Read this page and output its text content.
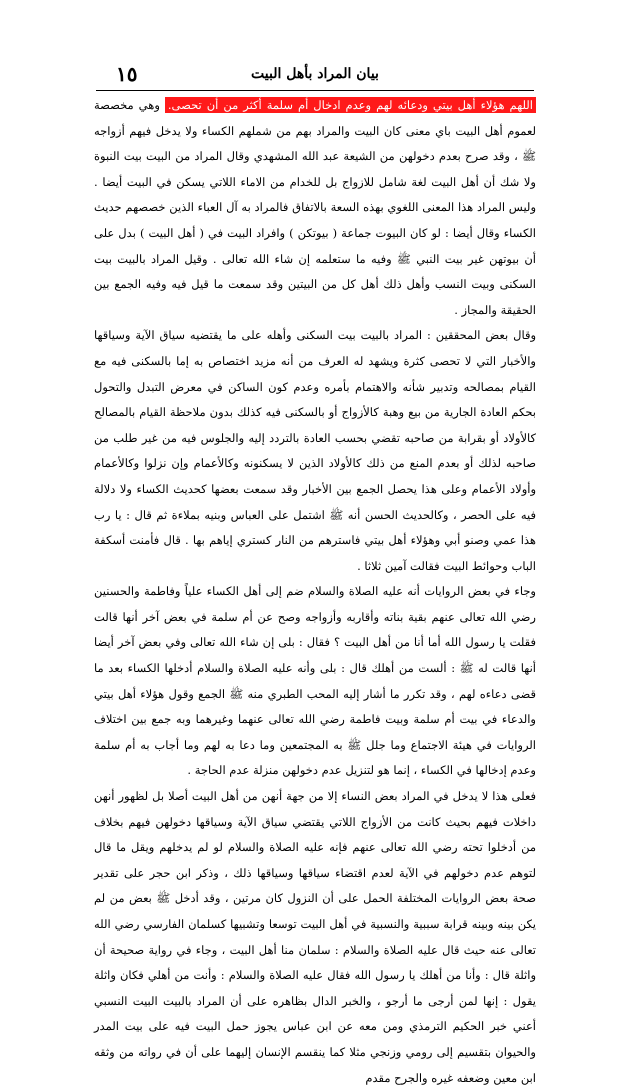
١٥	بيان المراد بأهل البيت

اللهم هؤلاء أهل بيتي ودعائه لهم وعدم ادخال أم سلمة أكثر من أن تحصى. وهي مخصصة لعموم أهل البيت باي معنى كان البيت والمراد بهم من شملهم الكساء ولا يدخل فيهم أزواجه ﷺ ، وقد صرح بعدم دخولهن من الشيعة عبد الله المشهدي وقال المراد من البيت بيت النبوة ولا شك أن أهل البيت لغة شامل للازواج بل للخدام من الاماء اللاتي يسكن في البيت أيضا . وليس المراد هذا المعنى اللغوي بهذه السعة بالاتفاق فالمراد به آل العباء الذين خصصهم حديث الكساء وقال أيضا : لو كان البيوت جماعة ( بيوتكن ) وافراد البيت في ( أهل البيت ) بدل على أن بيوتهن غير بيت النبي ﷺ وفيه ما ستعلمه إن شاء الله تعالى . وقيل المراد بالبيت بيت السكنى وبيت النسب وأهل ذلك أهل كل من البيتين وقد سمعت ما قيل فيه وفيه الجمع بين الحقيقة والمجاز .

وقال بعض المحققين : المراد بالبيت بيت السكنى وأهله على ما يقتضيه سياق الآية وسياقها والأخبار التي لا تحصى كثرة ويشهد له العرف من أنه مزيد اختصاص به إما بالسكنى فيه مع القيام بمصالحه وتدبير شأنه والاهتمام بأمره وعدم كون الساكن في معرض التبدل والتحول بحكم العادة الجارية من بيع وهبة كالأزواج أو بالسكنى فيه كذلك بدون ملاحظة القيام بالمصالح كالأولاد أو بقرابة من صاحبه تقضي بحسب العادة بالتردد إليه والجلوس فيه من غير طلب من صاحبه لذلك أو بعدم المنع من ذلك كالأولاد الذين لا يسكنونه وكالأعمام وإن نزلوا وكالأعمام وأولاد الأعمام وعلى هذا يحصل الجمع بين الأخبار وقد سمعت بعضها كحديث الكساء ولا دلالة فيه على الحصر ، وكالحديث الحسن أنه ﷺ اشتمل على العباس وبنيه بملاءة ثم قال : يا رب هذا عمي وصنو أبي وهؤلاء أهل بيتي فاسترهم من النار كستري إياهم بها . قال فأمنت أسكفة الباب وحوائط البيت فقالت آمين ثلاثا .

وجاء في بعض الروايات أنه عليه الصلاة والسلام ضم إلى أهل الكساء علياً وفاطمة والحسنين رضي الله تعالى عنهم بقية بناته وأقاربه وأزواجه وصح عن أم سلمة في بعض آخر أنها قالت فقلت يا رسول الله أما أنا من أهل البيت ؟ فقال : بلى إن شاء الله تعالى وفي بعض آخر أيضا أنها قالت له ﷺ : ألست من أهلك قال : بلى وأنه عليه الصلاة والسلام أدخلها الكساء بعد ما قضى دعاءه لهم ، وقد تكرر ما أشار إليه المحب الطبري منه ﷺ الجمع وقول هؤلاء أهل بيتي والدعاء في بيت أم سلمة وبيت فاطمة رضي الله تعالى عنهما وغيرهما وبه جمع بين اختلاف الروايات في هيئة الاجتماع وما جلل ﷺ به المجتمعين وما دعا به لهم وما أجاب به أم سلمة وعدم إدخالها في الكساء ، إنما هو لتنزيل عدم دخولهن منزلة عدم الحاجة .

فعلى هذا لا يدخل في المراد بعض النساء إلا من جهة أنهن من أهل البيت أصلا بل لظهور أنهن داخلات فيهم بحيث كانت من الأزواج اللاتي يقتضي سياق الآية وسياقها دخولهن فيهم بخلاف من أدخلوا تحته رضي الله تعالى عنهم فإنه عليه الصلاة والسلام لو لم يدخلهم ويقل ما قال لتوهم عدم دخولهم في الآية لعدم اقتضاء سياقها وسياقها ذلك ، وذكر ابن حجر على تقدير صحة بعض الروايات المختلفة الحمل على أن النزول كان مرتين ، وقد أدخل ﷺ بعض من لم يكن بينه وبينه قرابة سببية والنسبية في أهل البيت توسعا وتشبيها كسلمان الفارسي رضي الله تعالى عنه حيث قال عليه الصلاة والسلام : سلمان منا أهل البيت ، وجاء في رواية صحيحة أن واثلة قال : وأنا من أهلك يا رسول الله فقال عليه الصلاة والسلام : وأنت من أهلي فكان واثلة يقول : إنها لمن أرجى ما أرجو ، والخبر الدال بظاهره على أن المراد بالبيت البيت النسبي أعني خبر الحكيم الترمذي ومن معه عن ابن عباس يجوز حمل البيت فيه على بيت المدر والحيوان بتقسيم إلى رومي وزنجي مثلا كما ينقسم الإنسان إليهما على أن في رواته من وثقه ابن معين وضعفه غيره والجرح مقدم
